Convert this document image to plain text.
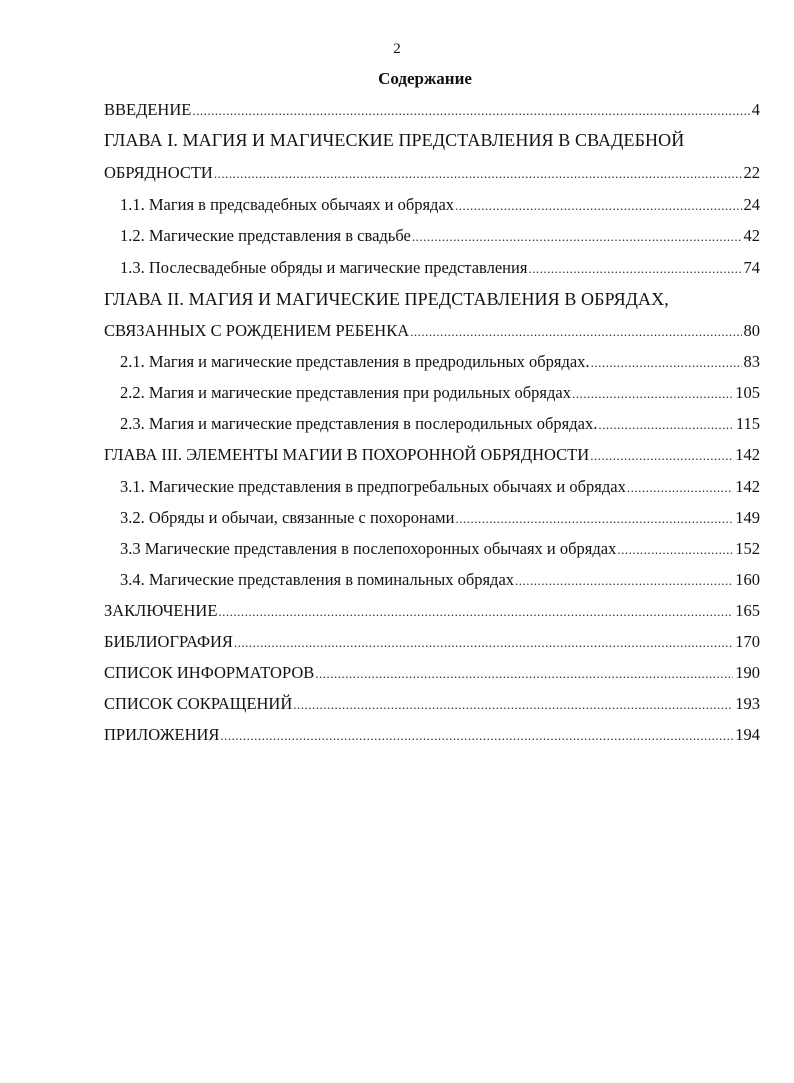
2
Содержание
ВВЕДЕНИЕ .....	4
ГЛАВА I. МАГИЯ И МАГИЧЕСКИЕ ПРЕДСТАВЛЕНИЯ В СВАДЕБНОЙ
ОБРЯДНОСТИ .....	22
1.1. Магия в предсвадебных обычаях и обрядах .....	24
1.2. Магические представления в свадьбе .....	42
1.3. Послесвадебные обряды и магические представления .....	74
ГЛАВА II. МАГИЯ И МАГИЧЕСКИЕ ПРЕДСТАВЛЕНИЯ В ОБРЯДАХ,
СВЯЗАННЫХ С РОЖДЕНИЕМ РЕБЕНКА .....	80
2.1. Магия и магические представления в предродильных обрядах. .....	83
2.2. Магия и магические представления при родильных обрядах .....	105
2.3. Магия и магические представления в послеродильных обрядах. .....	115
ГЛАВА III. ЭЛЕМЕНТЫ МАГИИ В ПОХОРОННОЙ ОБРЯДНОСТИ .....	142
3.1. Магические представления в предпогребальных обычаях и обрядах .....	142
3.2. Обряды и обычаи, связанные с похоронами .....	149
3.3 Магические представления в послепохоронных обычаях и обрядах .....	152
3.4. Магические представления в поминальных обрядах .....	160
ЗАКЛЮЧЕНИЕ .....	165
БИБЛИОГРАФИЯ .....	170
СПИСОК ИНФОРМАТОРОВ .....	190
СПИСОК СОКРАЩЕНИЙ .....	193
ПРИЛОЖЕНИЯ .....	194
